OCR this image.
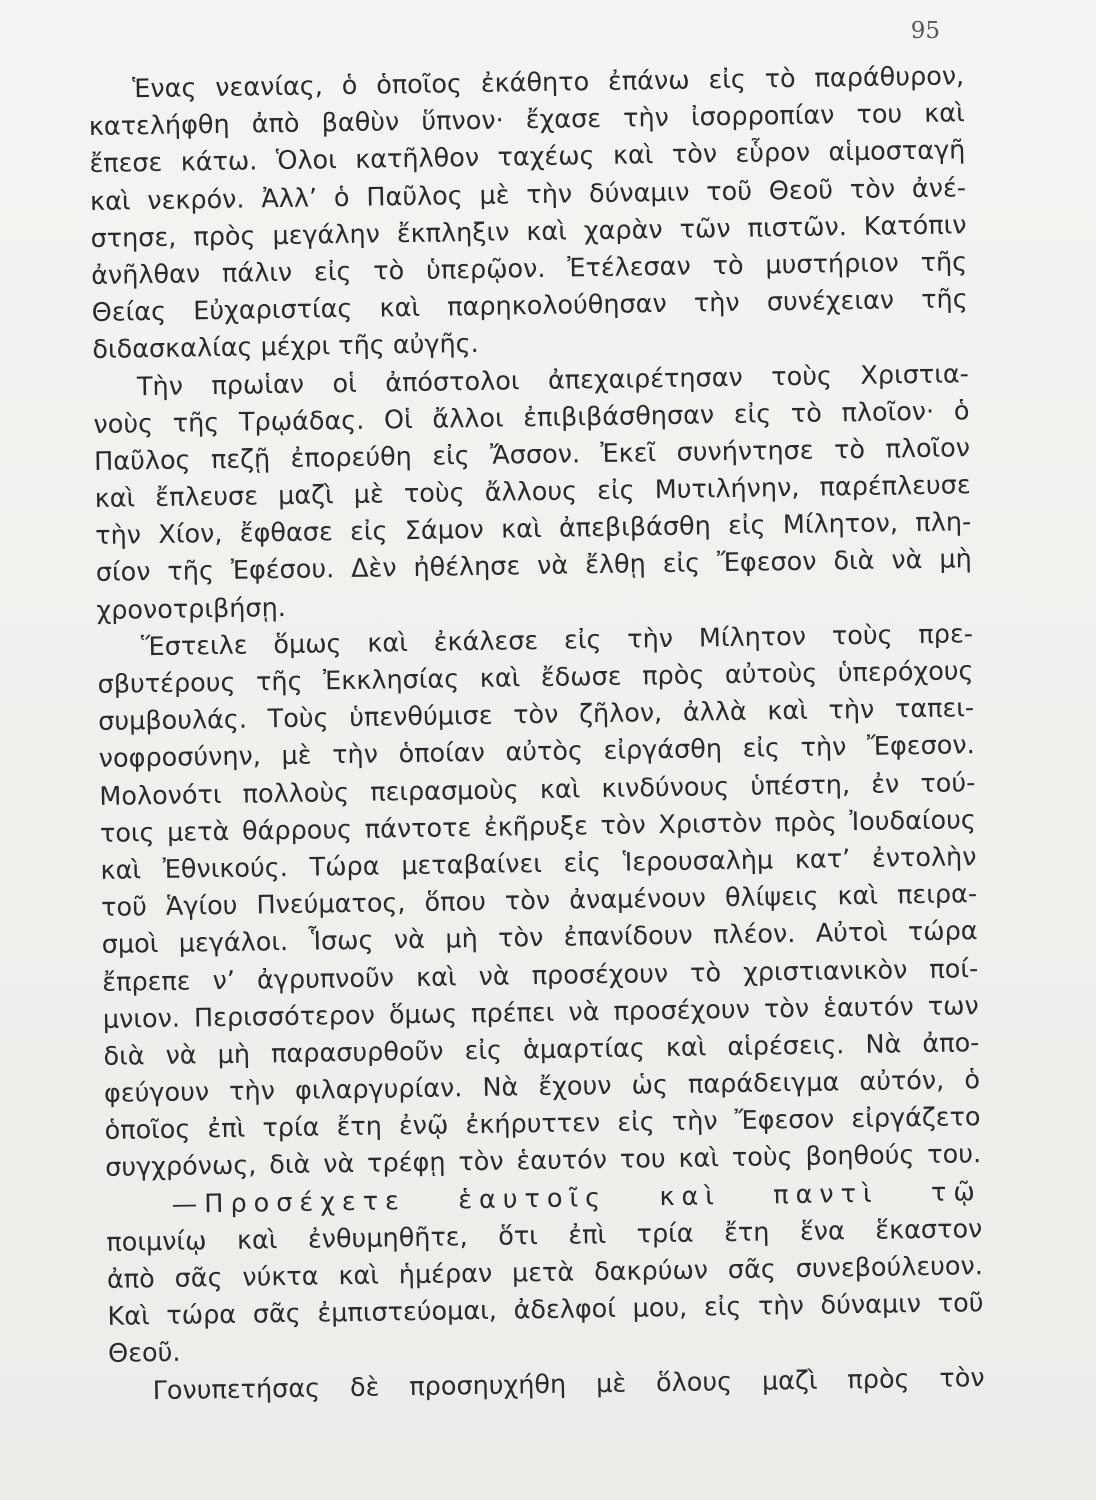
95
Ἑνας νεανίας, ὁ ὁποῖος ἐκάθητο ἐπάνω εἰς τὸ παράθυρον,
κατελήφθη ἀπὸ βαθὺν ὕπνον· ἔχασε τὴν ἰσορροπίαν του καὶ
ἔπεσε κάτω. Ὁλοι κατῆλθον ταχέως καὶ τὸν εὗρον αἱμοσταγῆ
καὶ νεκρόν. Ἀλλ’ ὁ Παῦλος μὲ τὴν δύναμιν τοῦ Θεοῦ τὸν ἀνέ-
στησε, πρὸς μεγάλην ἔκπληξιν καὶ χαρὰν τῶν πιστῶν. Κατόπιν
ἀνῆλθαν πάλιν εἰς τὸ ὑπερῷον. Ἐτέλεσαν τὸ μυστήριον τῆς
Θείας Εὐχαριστίας καὶ παρηκολούθησαν τὴν συνέχειαν τῆς
διδασκαλίας μέχρι τῆς αὐγῆς.
Τὴν πρωἱαν οἱ ἀπόστολοι ἀπεχαιρέτησαν τοὺς Χριστια-
νοὺς τῆς Τρῳάδας. Οἱ ἄλλοι ἐπιβιβάσθησαν εἰς τὸ πλοῖον· ὁ
Παῦλος πεζῇ ἐπορεύθη εἰς Ἄσσον. Ἐκεῖ συνήντησε τὸ πλοῖον
καὶ ἔπλευσε μαζὶ μὲ τοὺς ἄλλους εἰς Μυτιλήνην, παρέπλευσε
τὴν Χίον, ἔφθασε εἰς Σάμον καὶ ἀπεβιβάσθη εἰς Μίλητον, πλη-
σίον τῆς Ἐφέσου. Δὲν ἠθέλησε νὰ ἔλθῃ εἰς Ἔφεσον διὰ νὰ μὴ
χρονοτριβήσῃ.
Ἕστειλε ὅμως καὶ ἐκάλεσε εἰς τὴν Μίλητον τοὺς πρε-
σβυτέρους τῆς Ἐκκλησίας καὶ ἔδωσε πρὸς αὐτοὺς ὑπερόχους
συμβουλάς. Τοὺς ὑπενθύμισε τὸν ζῆλον, ἀλλὰ καὶ τὴν ταπει-
νοφροσύνην, μὲ τὴν ὁποίαν αὐτὸς εἰργάσθη εἰς τὴν Ἔφεσον.
Μολονότι πολλοὺς πειρασμοὺς καὶ κινδύνους ὑπέστη, ἐν τού-
τοις μετὰ θάρρους πάντοτε ἐκῆρυξε τὸν Χριστὸν πρὸς Ἰουδαίους
καὶ Ἐθνικούς. Τώρα μεταβαίνει εἰς Ἱερουσαλὴμ κατ’ ἐντολὴν
τοῦ Ἁγίου Πνεύματος, ὅπου τὸν ἀναμένουν θλίψεις καὶ πειρα-
σμοὶ μεγάλοι. Ἷσως νὰ μὴ τὸν ἐπανίδουν πλέον. Αὐτοὶ τώρα
ἔπρεπε ν’ ἀγρυπνοῦν καὶ νὰ προσέχουν τὸ χριστιανικὸν ποί-
μνιον. Περισσότερον ὅμως πρέπει νὰ προσέχουν τὸν ἑαυτόν των
διὰ νὰ μὴ παρασυρθοῦν εἰς ἁμαρτίας καὶ αἱρέσεις. Νὰ ἀπο-
φεύγουν τὴν φιλαργυρίαν. Νὰ ἔχουν ὡς παράδειγμα αὐτόν, ὁ
ὁποῖος ἐπὶ τρία ἔτη ἐνῷ ἐκήρυττεν εἰς τὴν Ἔφεσον εἰργάζετο
συγχρόνως, διὰ νὰ τρέφῃ τὸν ἑαυτόν του καὶ τοὺς βοηθούς του.
—Προσέχετε ἑαυτοῖς καὶ παντὶ τῷ
ποιμνίῳ καὶ ἐνθυμηθῆτε, ὅτι ἐπὶ τρία ἔτη ἕνα ἕκαστον
ἀπὸ σᾶς νύκτα καὶ ἡμέραν μετὰ δακρύων σᾶς συνεβούλευον.
Καὶ τώρα σᾶς ἐμπιστεύομαι, ἀδελφοί μου, εἰς τὴν δύναμιν τοῦ
Θεοῦ.
Γονυπετήσας δὲ προσηυχήθη μὲ ὅλους μαζὶ πρὸς τὸν
